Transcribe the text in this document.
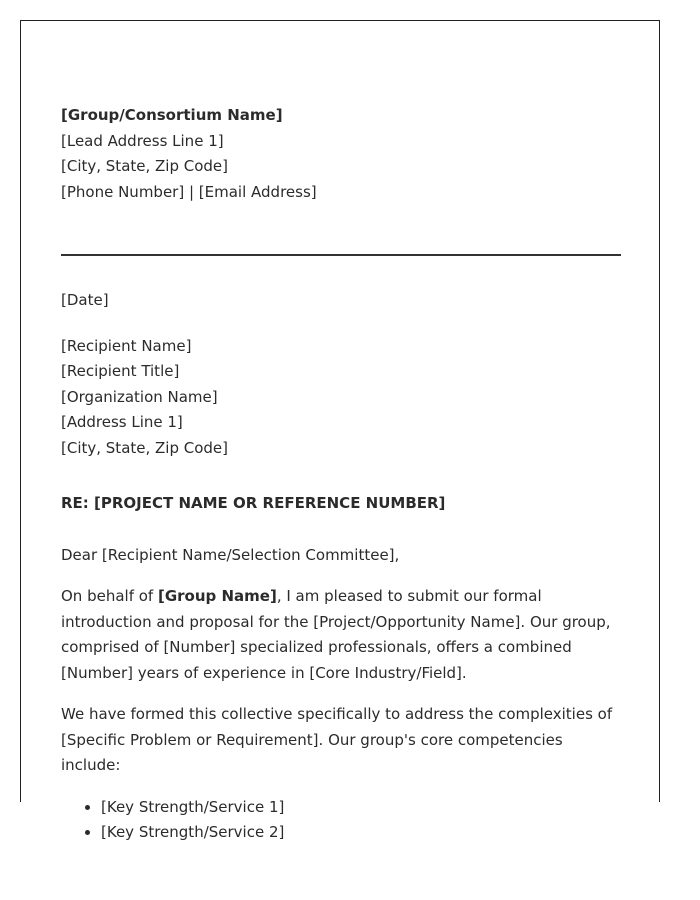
[Group/Consortium Name]
[Lead Address Line 1]
[City, State, Zip Code]
[Phone Number] | [Email Address]
[Date]
[Recipient Name]
[Recipient Title]
[Organization Name]
[Address Line 1]
[City, State, Zip Code]
RE: [PROJECT NAME OR REFERENCE NUMBER]
Dear [Recipient Name/Selection Committee],
On behalf of [Group Name], I am pleased to submit our formal introduction and proposal for the [Project/Opportunity Name]. Our group, comprised of [Number] specialized professionals, offers a combined [Number] years of experience in [Core Industry/Field].
We have formed this collective specifically to address the complexities of [Specific Problem or Requirement]. Our group's core competencies include:
• [Key Strength/Service 1]
• [Key Strength/Service 2]
